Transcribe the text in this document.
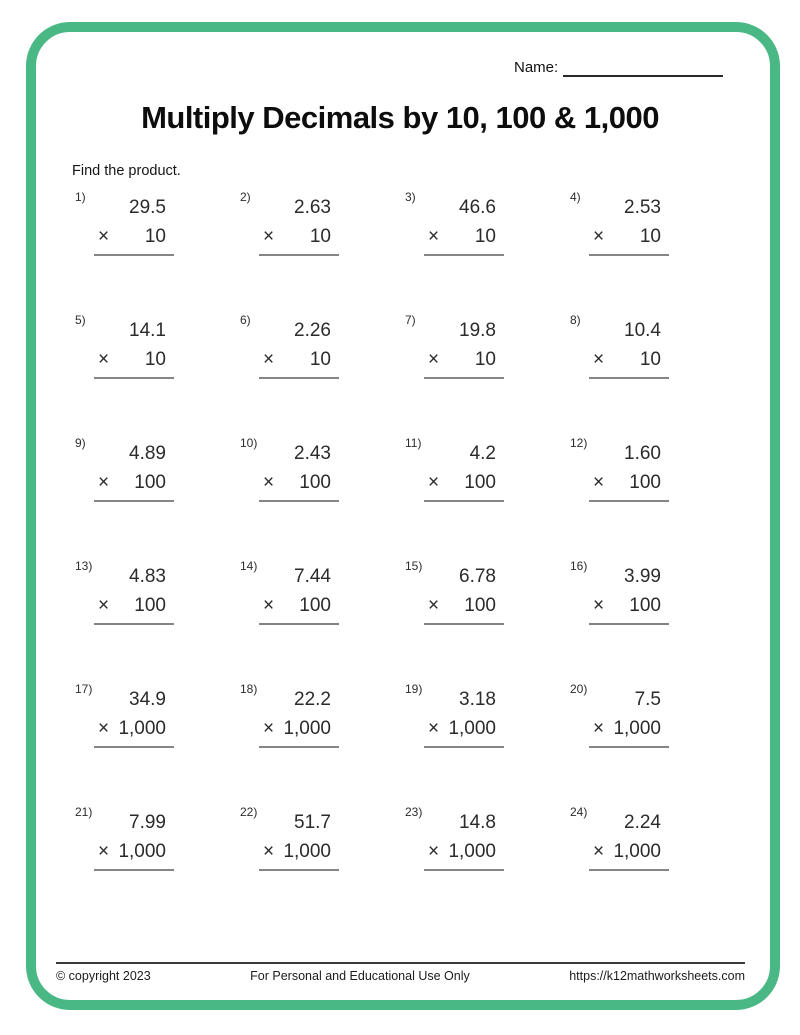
Name:
Multiply Decimals by 10, 100 & 1,000

Find the product.

1)	29.5
× 10
2)	2.63
× 10
3)	46.6
× 10
4)	2.53
× 10
5)	14.1
× 10
6)	2.26
× 10
7)	19.8
× 10
8)	10.4
× 10
9)	4.89
× 100
10)	2.43
× 100
11)	4.2
× 100
12)	1.60
× 100
13)	4.83
× 100
14)	7.44
× 100
15)	6.78
× 100
16)	3.99
× 100
17)	34.9
× 1,000
18)	22.2
× 1,000
19)	3.18
× 1,000
20)	7.5
× 1,000
21)	7.99
× 1,000
22)	51.7
× 1,000
23)	14.8
× 1,000
24)	2.24
× 1,000
© copyright 2023	For Personal and Educational Use Only	https://k12mathworksheets.com
